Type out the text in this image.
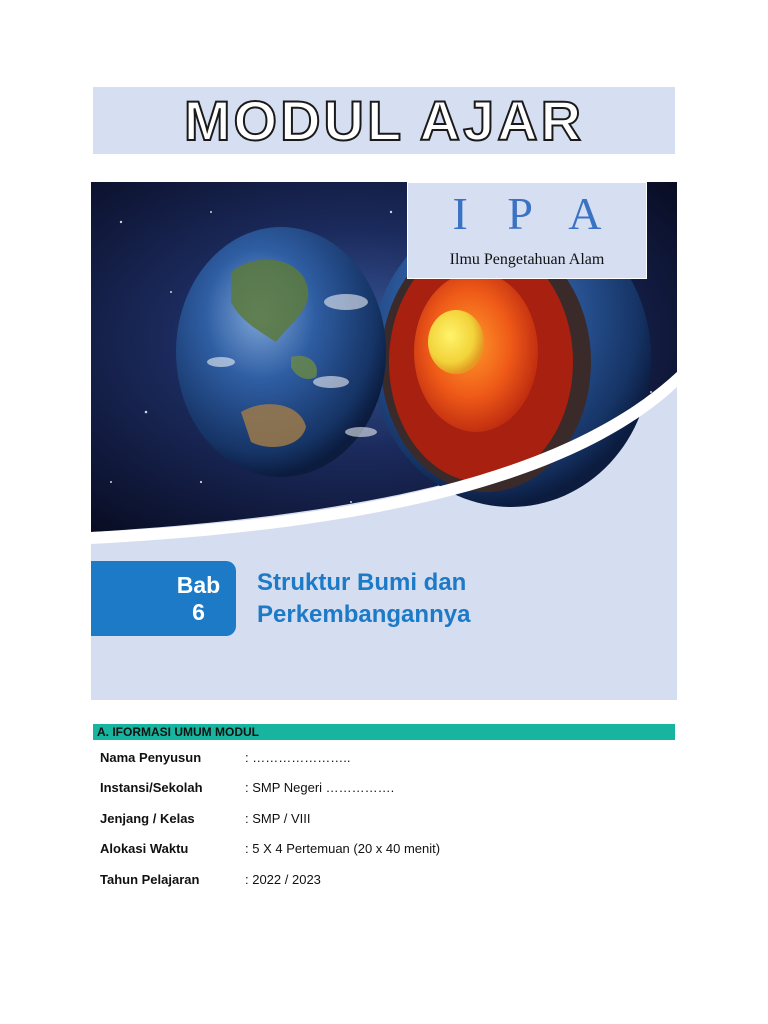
MODUL AJAR
I P A
Ilmu Pengetahuan Alam
Bab
6
Struktur Bumi dan
Perkembangannya
A. IFORMASI UMUM MODUL
Nama Penyusun	: …………………..
Instansi/Sekolah	: SMP Negeri …………….
Jenjang / Kelas	: SMP / VIII
Alokasi Waktu	: 5 X 4 Pertemuan (20 x 40 menit)
Tahun Pelajaran	: 2022 / 2023
